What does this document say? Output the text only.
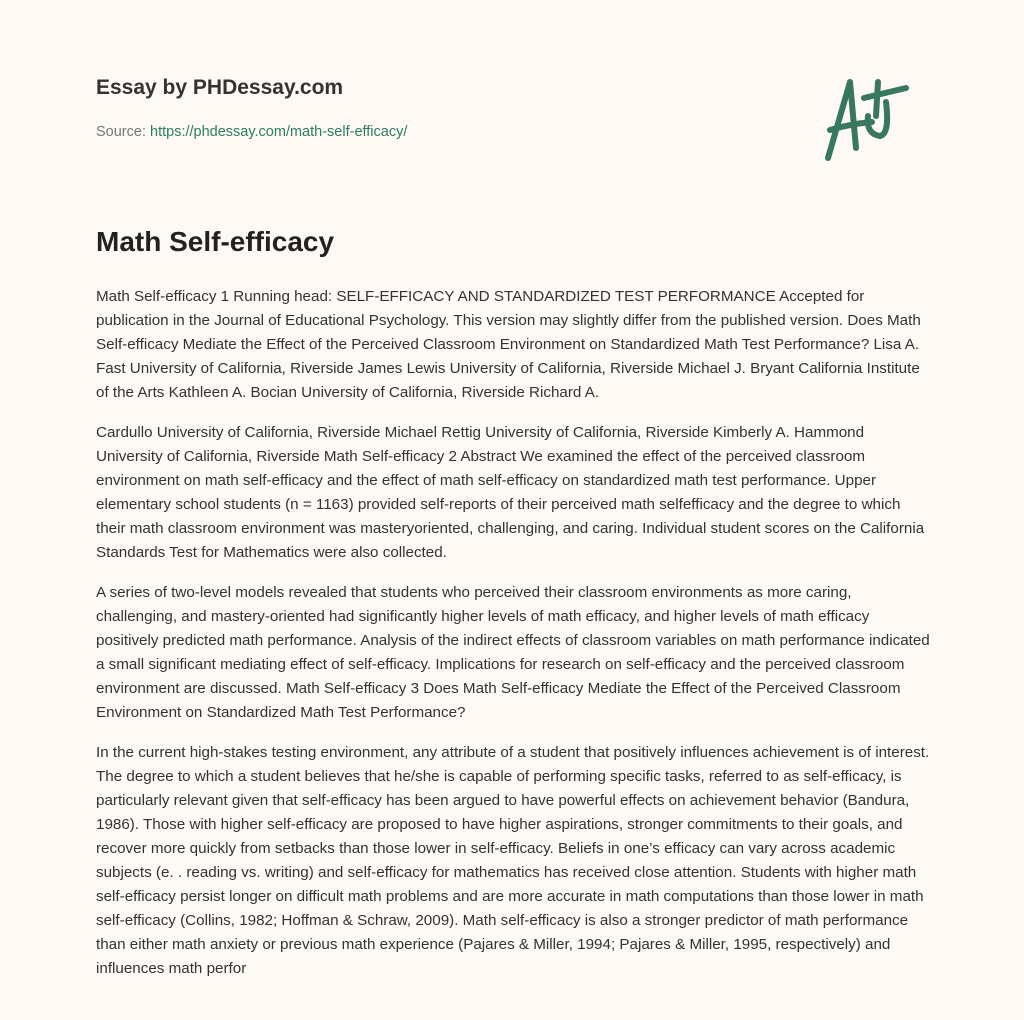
Essay by PHDessay.com
Source: https://phdessay.com/math-self-efficacy/
Math Self-efficacy

Math Self-efficacy 1 Running head: SELF-EFFICACY AND STANDARDIZED TEST PERFORMANCE Accepted for publication in the Journal of Educational Psychology. This version may slightly differ from the published version. Does Math Self-efficacy Mediate the Effect of the Perceived Classroom Environment on Standardized Math Test Performance? Lisa A. Fast University of California, Riverside James Lewis University of California, Riverside Michael J. Bryant California Institute of the Arts Kathleen A. Bocian University of California, Riverside Richard A.

Cardullo University of California, Riverside Michael Rettig University of California, Riverside Kimberly A. Hammond University of California, Riverside Math Self-efficacy 2 Abstract We examined the effect of the perceived classroom environment on math self-efficacy and the effect of math self-efficacy on standardized math test performance. Upper elementary school students (n = 1163) provided self-reports of their perceived math selfefficacy and the degree to which their math classroom environment was masteryoriented, challenging, and caring. Individual student scores on the California Standards Test for Mathematics were also collected.

A series of two-level models revealed that students who perceived their classroom environments as more caring, challenging, and mastery-oriented had significantly higher levels of math efficacy, and higher levels of math efficacy positively predicted math performance. Analysis of the indirect effects of classroom variables on math performance indicated a small significant mediating effect of self-efficacy. Implications for research on self-efficacy and the perceived classroom environment are discussed. Math Self-efficacy 3 Does Math Self-efficacy Mediate the Effect of the Perceived Classroom Environment on Standardized Math Test Performance?

In the current high-stakes testing environment, any attribute of a student that positively influences achievement is of interest. The degree to which a student believes that he/she is capable of performing specific tasks, referred to as self-efficacy, is particularly relevant given that self-efficacy has been argued to have powerful effects on achievement behavior (Bandura, 1986). Those with higher self-efficacy are proposed to have higher aspirations, stronger commitments to their goals, and recover more quickly from setbacks than those lower in self-efficacy. Beliefs in one’s efficacy can vary across academic subjects (e. . reading vs. writing) and self-efficacy for mathematics has received close attention. Students with higher math self-efficacy persist longer on difficult math problems and are more accurate in math computations than those lower in math self-efficacy (Collins, 1982; Hoffman & Schraw, 2009). Math self-efficacy is also a stronger predictor of math performance than either math anxiety or previous math experience (Pajares & Miller, 1994; Pajares & Miller, 1995, respectively) and influences math perfor
